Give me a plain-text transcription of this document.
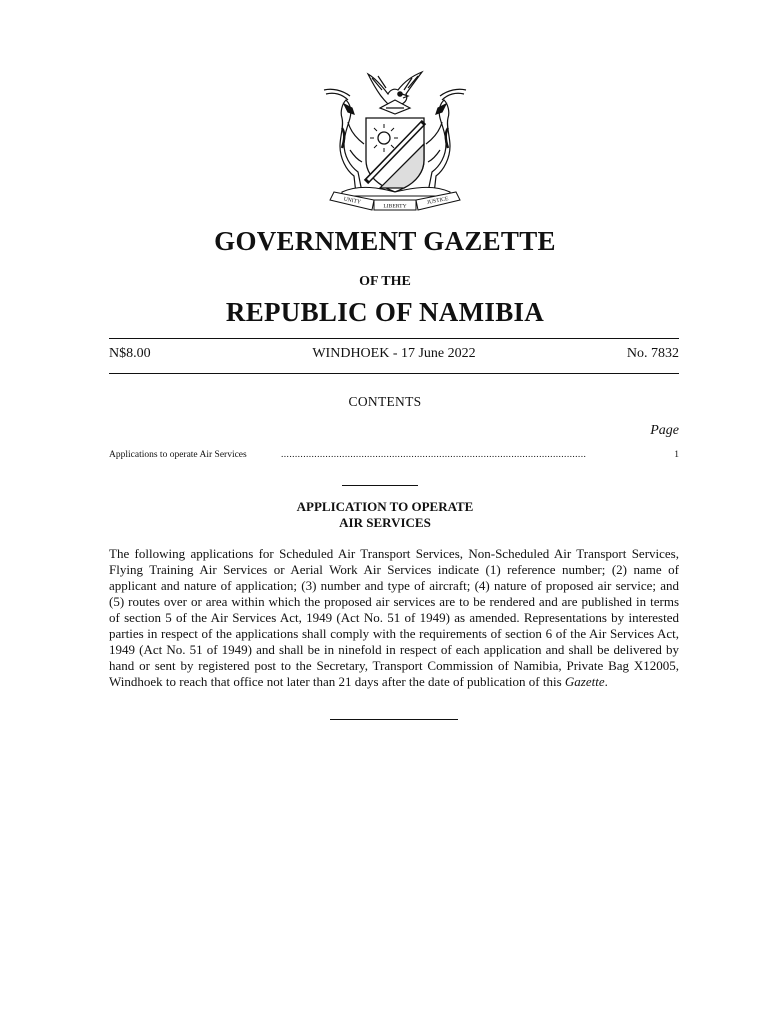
UNITY
LIBERTY
JUSTICE
GOVERNMENT GAZETTE
OF THE
REPUBLIC OF NAMIBIA
N$8.00	WINDHOEK - 17 June 2022	No. 7832
CONTENTS
Page
Applications to operate Air Services	..............................................................................................................	1
APPLICATION TO OPERATE
AIR SERVICES
The following applications for Scheduled Air Transport Services, Non-Scheduled Air Transport Services, Flying Training Air Services or Aerial Work Air Services indicate (1) reference number; (2) name of applicant and nature of application; (3) number and type of aircraft; (4) nature of proposed air service; and (5) routes over or area within which the proposed air services are to be rendered and are published in terms of section 5 of the Air Services Act, 1949 (Act No. 51 of 1949) as amended. Representations by interested parties in respect of the applications shall comply with the requirements of section 6 of the Air Services Act, 1949 (Act No. 51 of 1949) and shall be in ninefold in respect of each application and shall be delivered by hand or sent by registered post to the Secretary, Transport Commission of Namibia, Private Bag X12005, Windhoek to reach that office not later than 21 days after the date of publication of this Gazette.
